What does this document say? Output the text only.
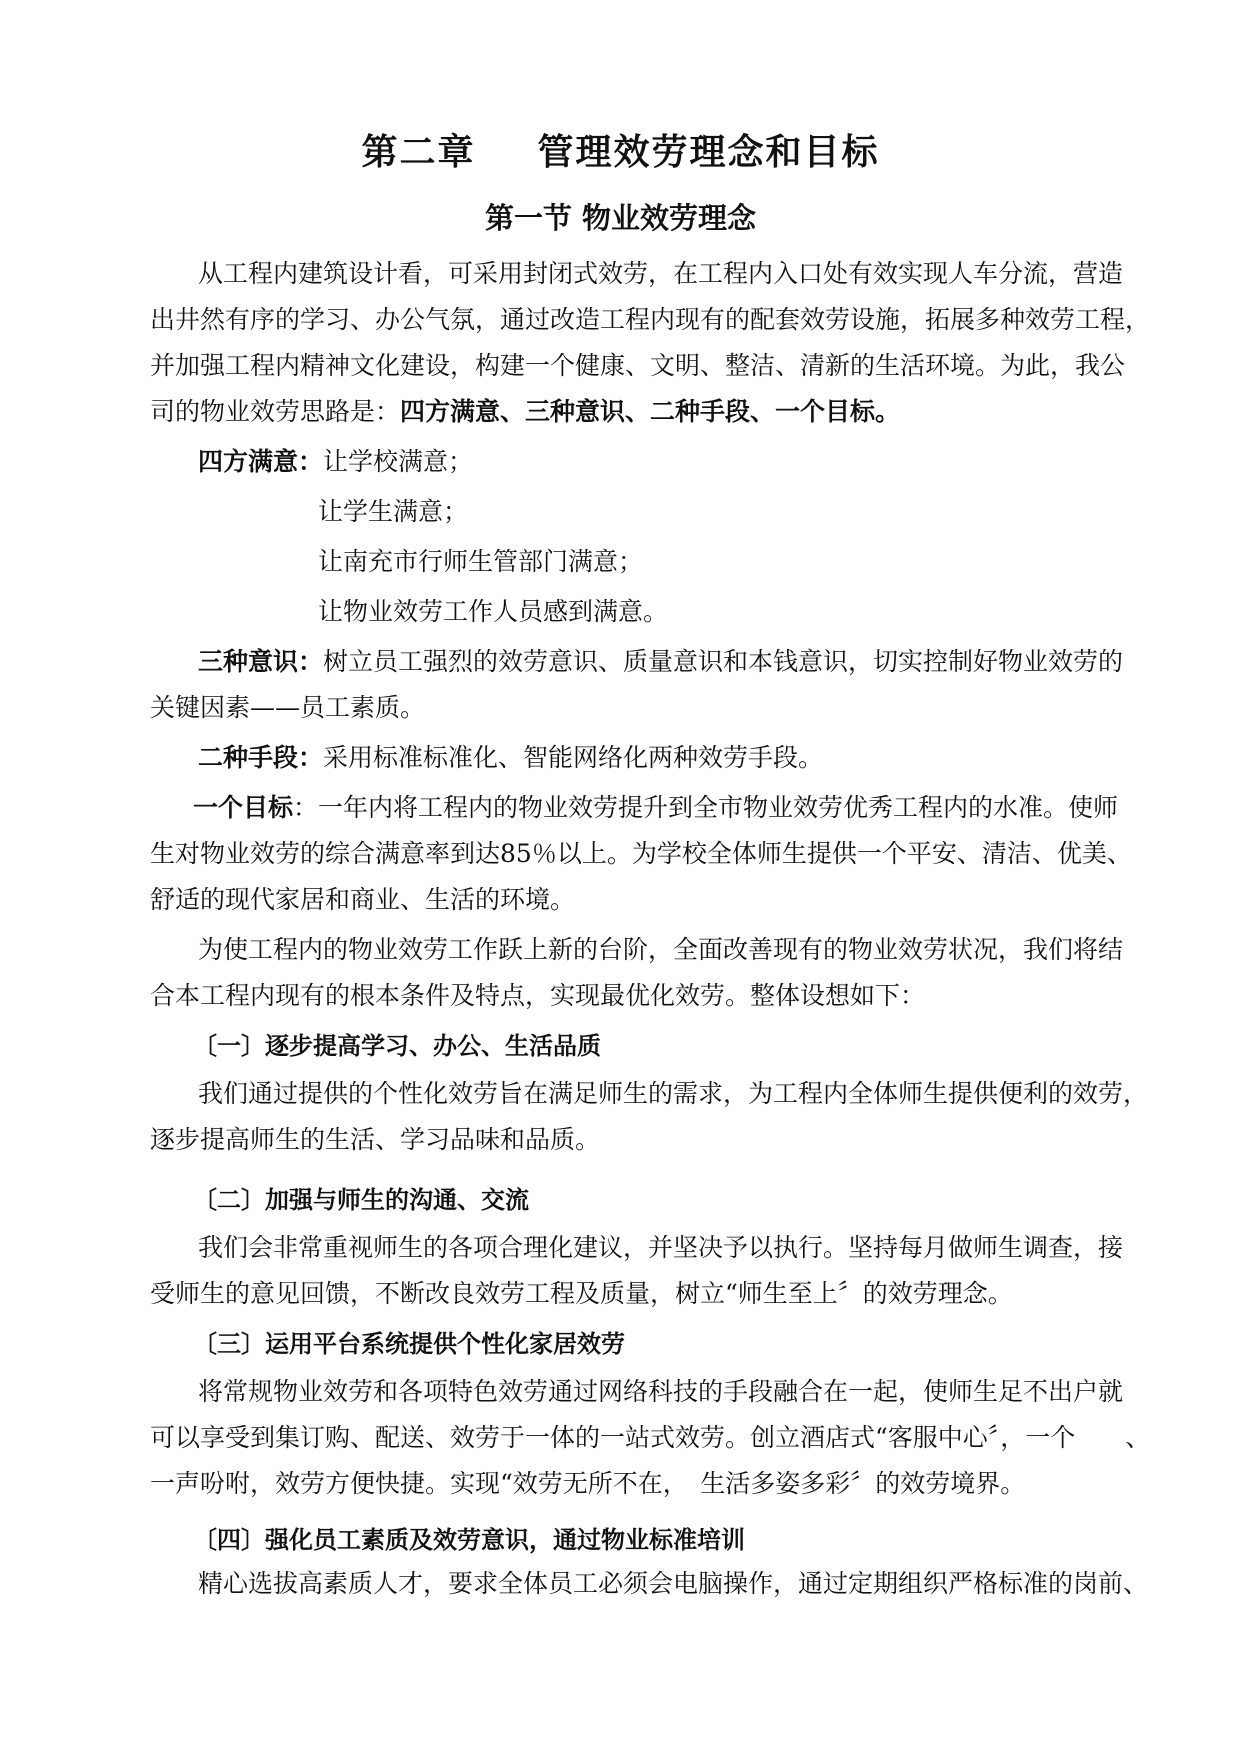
第二章 管理效劳理念和目标
第一节 物业效劳理念
从工程内建筑设计看，可采用封闭式效劳，在工程内入口处有效实现人车分流，营造
出井然有序的学习、办公气氛，通过改造工程内现有的配套效劳设施，拓展多种效劳工程，
并加强工程内精神文化建设，构建一个健康、文明、整洁、清新的生活环境。为此，我公
司的物业效劳思路是：四方满意、三种意识、二种手段、一个目标。
四方满意：让学校满意；
让学生满意；
让南充市行师生管部门满意；
让物业效劳工作人员感到满意。
三种意识：树立员工强烈的效劳意识、质量意识和本钱意识，切实控制好物业效劳的
关键因素——员工素质。
二种手段：采用标准标准化、智能网络化两种效劳手段。
一个目标：一年内将工程内的物业效劳提升到全市物业效劳优秀工程内的水准。使师
生对物业效劳的综合满意率到达85％以上。为学校全体师生提供一个平安、清洁、优美、
舒适的现代家居和商业、生活的环境。
为使工程内的物业效劳工作跃上新的台阶，全面改善现有的物业效劳状况，我们将结
合本工程内现有的根本条件及特点，实现最优化效劳。整体设想如下：
〔一〕逐步提高学习、办公、生活品质
我们通过提供的个性化效劳旨在满足师生的需求，为工程内全体师生提供便利的效劳，
逐步提高师生的生活、学习品味和品质。
〔二〕加强与师生的沟通、交流
我们会非常重视师生的各项合理化建议，并坚决予以执行。坚持每月做师生调查，接
受师生的意见回馈，不断改良效劳工程及质量，树立“师生至上〞的效劳理念。
〔三〕运用平台系统提供个性化家居效劳
将常规物业效劳和各项特色效劳通过网络科技的手段融合在一起，使师生足不出户就
可以享受到集订购、配送、效劳于一体的一站式效劳。创立酒店式“客服中心〞，一个　　、
一声吩咐，效劳方便快捷。实现“效劳无所不在，　生活多姿多彩〞的效劳境界。
〔四〕强化员工素质及效劳意识，通过物业标准培训
精心选拔高素质人才，要求全体员工必须会电脑操作，通过定期组织严格标准的岗前、
